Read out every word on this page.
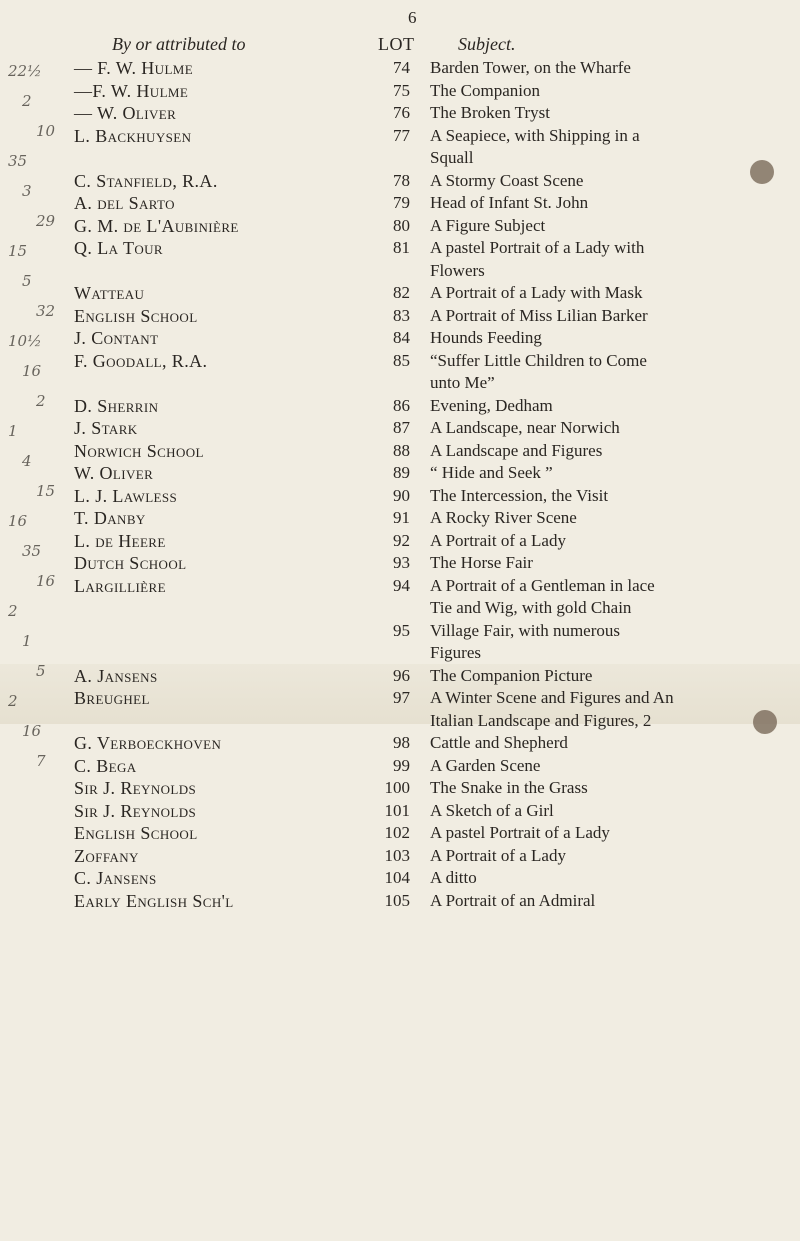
6
By or attributed to	LOT Subject.
— F. W. Hulme	74 Barden Tower, on the Wharfe
—F. W. Hulme	75 The Companion
— W. Oliver	76 The Broken Tryst
L. Backhuysen	77 A Seapiece, with Shipping in a
Squall
C. Stanfield, R.A.	78 A Stormy Coast Scene
A. del Sarto	79 Head of Infant St. John
G. M. de L'Aubinière	80 A Figure Subject
Q. La Tour	81 A pastel Portrait of a Lady with
Flowers
Watteau	82 A Portrait of a Lady with Mask
English School	83 A Portrait of Miss Lilian Barker
J. Contant	84 Hounds Feeding
F. Goodall, R.A.	85 “Suffer Little Children to Come
unto Me”
D. Sherrin	86 Evening, Dedham
J. Stark	87 A Landscape, near Norwich
Norwich School	88 A Landscape and Figures
W. Oliver	89 “ Hide and Seek ”
L. J. Lawless	90 The Intercession, the Visit
T. Danby	91 A Rocky River Scene
L. de Heere	92 A Portrait of a Lady
Dutch School	93 The Horse Fair
Largillière	94 A Portrait of a Gentleman in lace
Tie and Wig, with gold Chain
95 Village Fair, with numerous
Figures
A. Jansens	96 The Companion Picture
Breughel	97 A Winter Scene and Figures and An
Italian Landscape and Figures, 2
G. Verboeckhoven	98 Cattle and Shepherd
C. Bega	99 A Garden Scene
Sir J. Reynolds	100 The Snake in the Grass
Sir J. Reynolds	101 A Sketch of a Girl
English School	102 A pastel Portrait of a Lady
Zoffany	103 A Portrait of a Lady
C. Jansens	104 A ditto
Early English Sch'l	105 A Portrait of an Admiral
22½
2
10
35
3
29
15
5
32
10½
16
2
1
4
15
16
35
16
2
1
5
2
16
7
